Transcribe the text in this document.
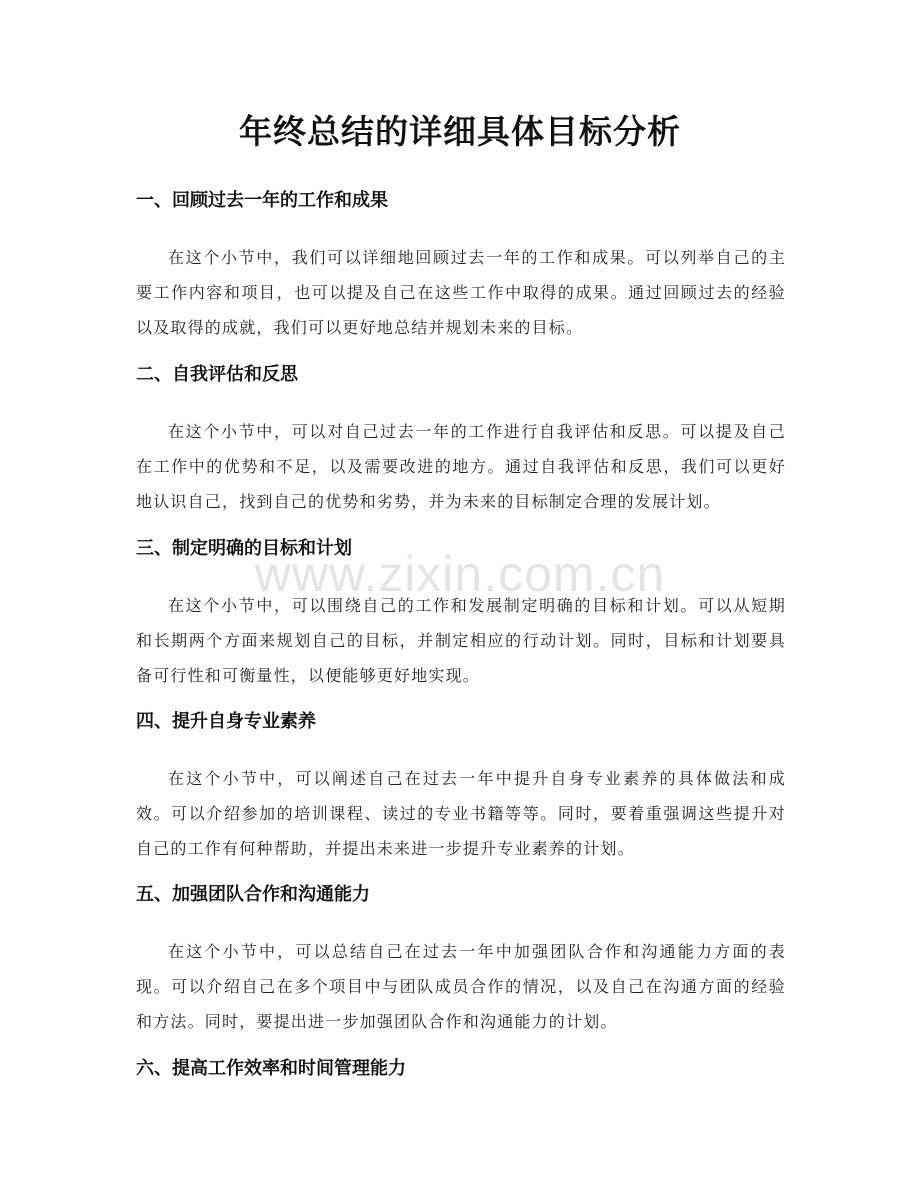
www.zixin.com.cn
年终总结的详细具体目标分析
一、回顾过去一年的工作和成果

在这个小节中，我们可以详细地回顾过去一年的工作和成果。可以列举自己的主要工作内容和项目，也可以提及自己在这些工作中取得的成果。通过回顾过去的经验以及取得的成就，我们可以更好地总结并规划未来的目标。

二、自我评估和反思

在这个小节中，可以对自己过去一年的工作进行自我评估和反思。可以提及自己在工作中的优势和不足，以及需要改进的地方。通过自我评估和反思，我们可以更好地认识自己，找到自己的优势和劣势，并为未来的目标制定合理的发展计划。

三、制定明确的目标和计划

在这个小节中，可以围绕自己的工作和发展制定明确的目标和计划。可以从短期和长期两个方面来规划自己的目标，并制定相应的行动计划。同时，目标和计划要具备可行性和可衡量性，以便能够更好地实现。

四、提升自身专业素养

在这个小节中，可以阐述自己在过去一年中提升自身专业素养的具体做法和成效。可以介绍参加的培训课程、读过的专业书籍等等。同时，要着重强调这些提升对自己的工作有何种帮助，并提出未来进一步提升专业素养的计划。

五、加强团队合作和沟通能力

在这个小节中，可以总结自己在过去一年中加强团队合作和沟通能力方面的表现。可以介绍自己在多个项目中与团队成员合作的情况，以及自己在沟通方面的经验和方法。同时，要提出进一步加强团队合作和沟通能力的计划。

六、提高工作效率和时间管理能力
